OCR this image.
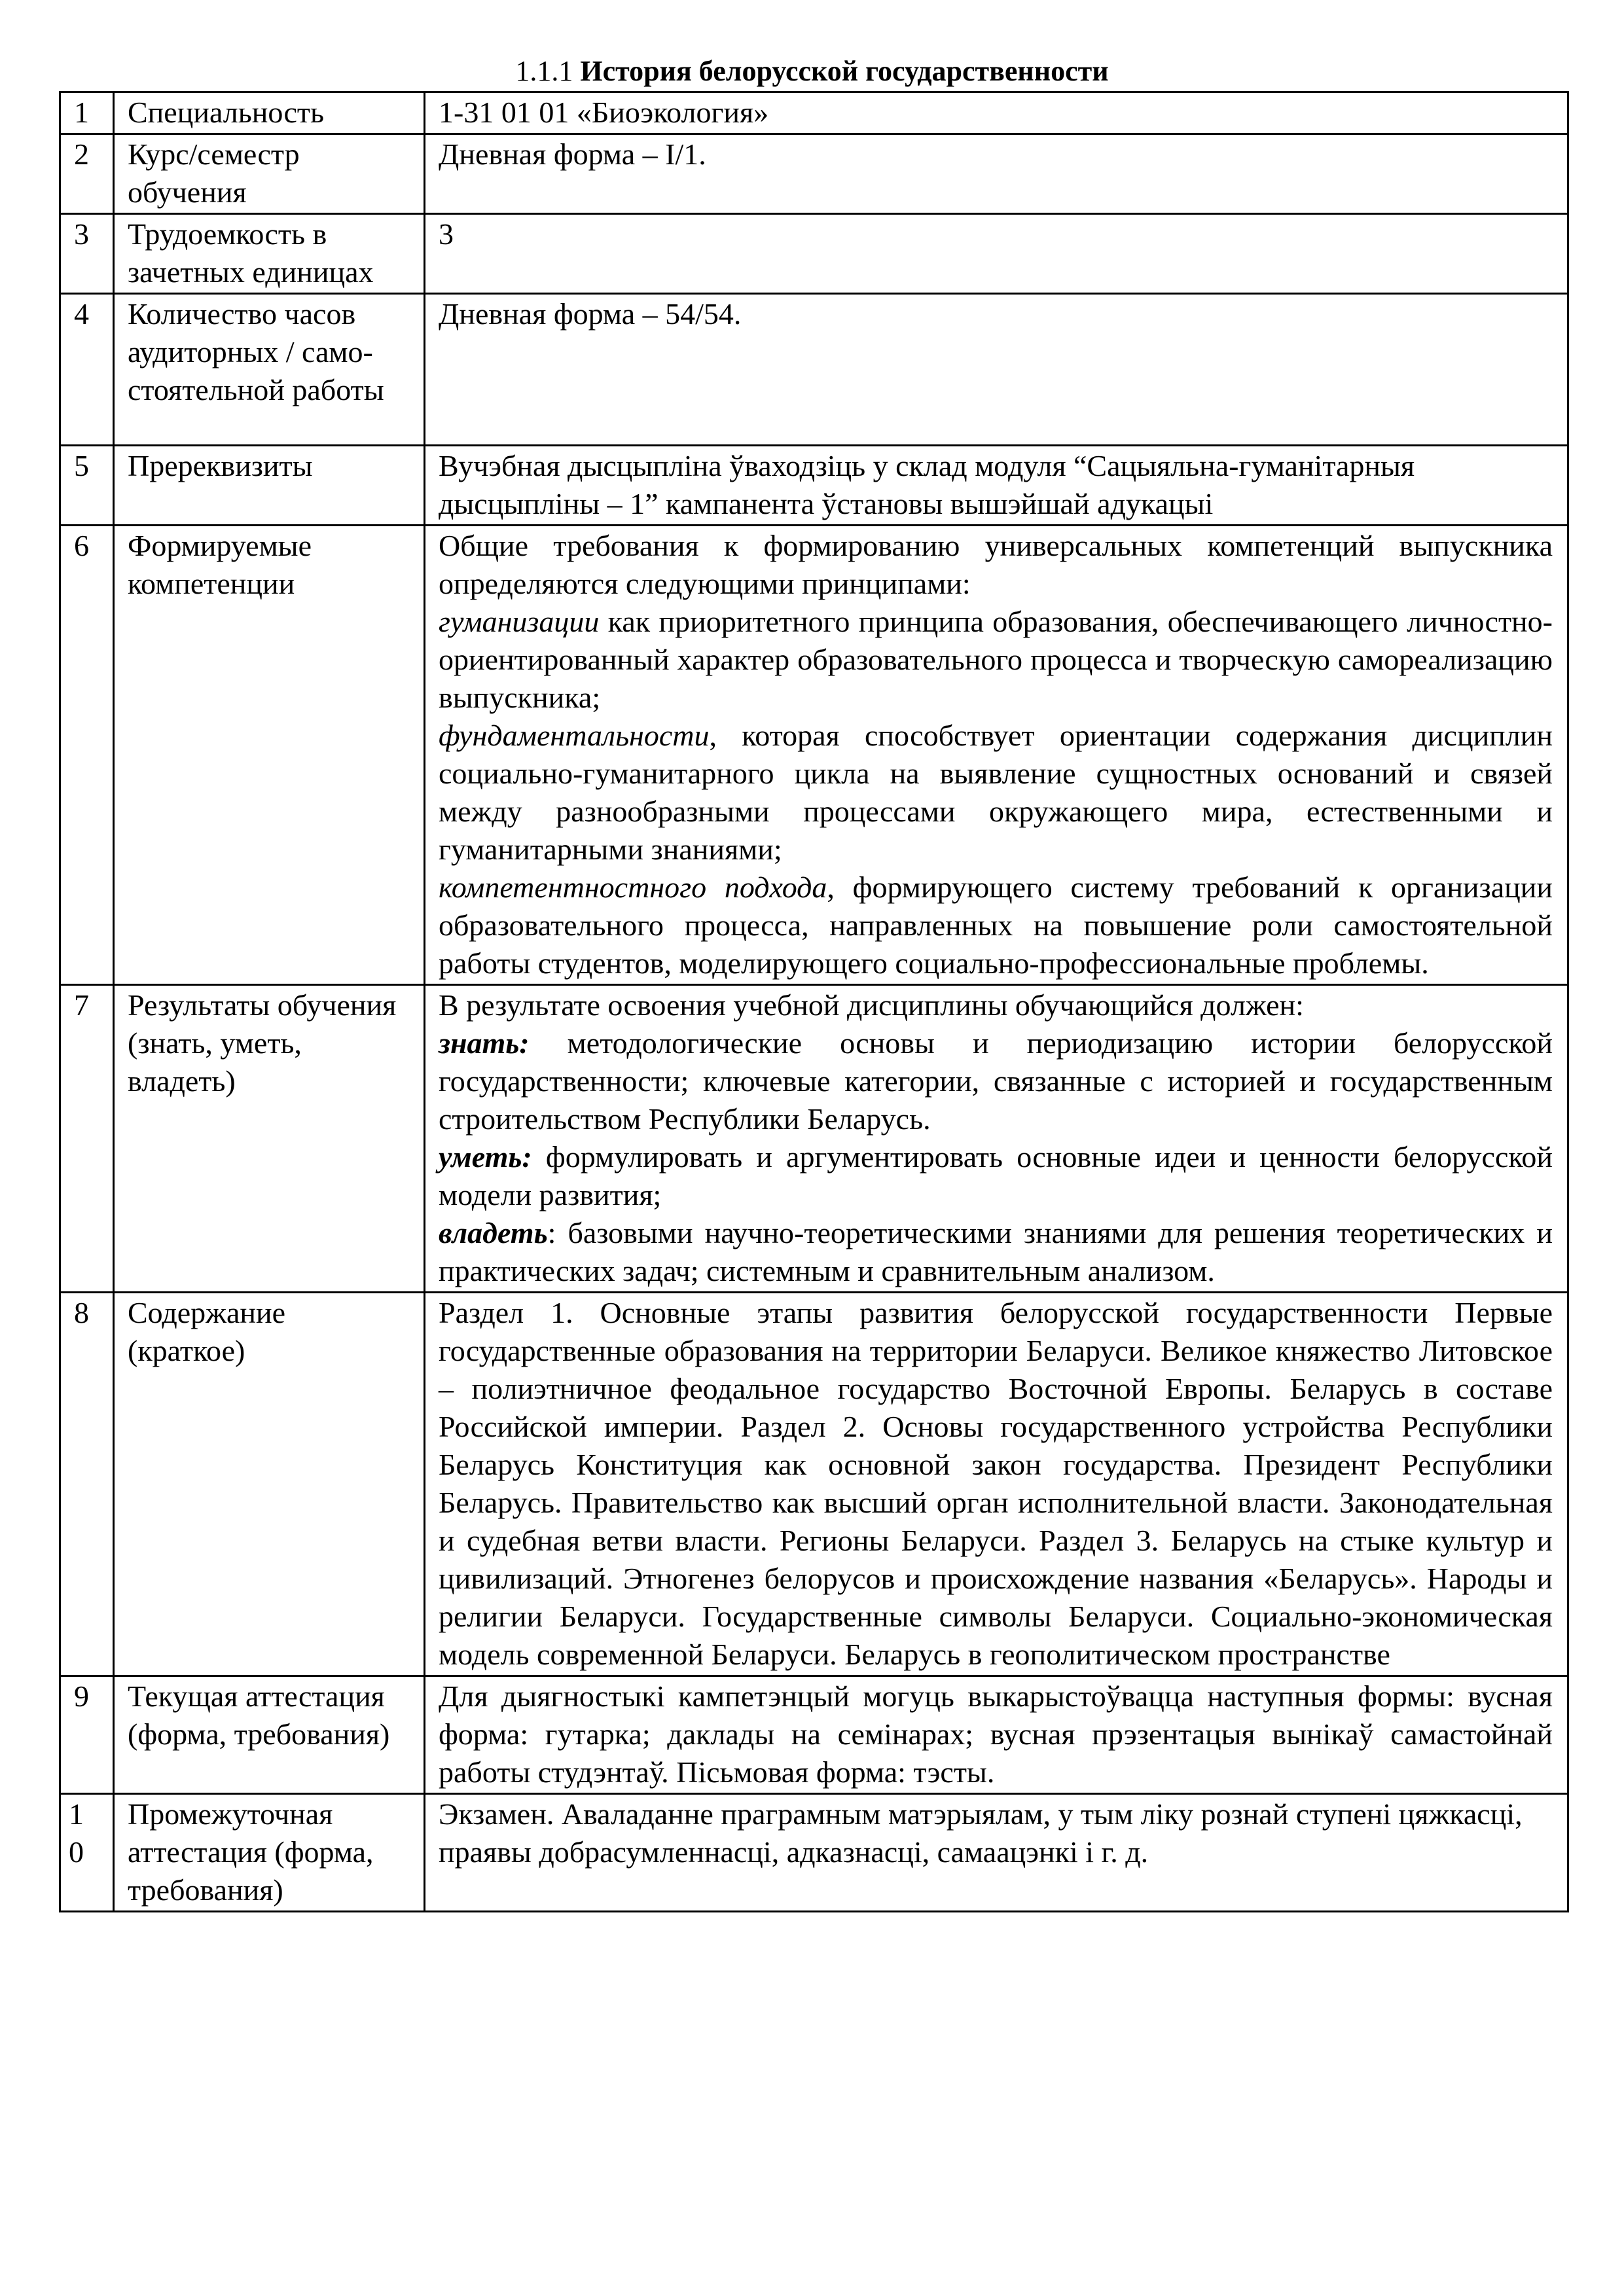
1.1.1 История белорусской государственности
1	Специальность	1-31 01 01 «Биоэкология»
2	Курс/семестр обучения	Дневная форма – I/1.
3	Трудоемкость в зачетных единицах	3
4	Количество часов аудиторных / само-стоятельной работы	Дневная форма – 54/54.
5	Пререквизиты	Вучэбная дысцыпліна ўваходзіць у склад модуля “Сацыяльна-гуманітарныя дысцыпліны – 1” кампанента ўстановы вышэйшай адукацыі
6	Формируемые компетенции	Общие требования к формированию универсальных компетенций выпускника определяются следующими принципами:
гуманизации как приоритетного принципа образования, обеспечивающего личностно-ориентированный характер образовательного процесса и творческую самореализацию выпускника;
фундаментальности, которая способствует ориентации содержания дисциплин социально-гуманитарного цикла на выявление сущностных оснований и связей между разнообразными процессами окружающего мира, естественными и гуманитарными знаниями;
компетентностного подхода, формирующего систему требований к организации образовательного процесса, направленных на повышение роли самостоятельной работы студентов, моделирующего социально-профессиональные проблемы.

7	Результаты обучения (знать, уметь, владеть)	В результате освоения учебной дисциплины обучающийся должен:
знать: методологические основы и периодизацию истории белорусской государственности; ключевые категории, связанные с историей и государственным строительством Республики Беларусь.
уметь: формулировать и аргументировать основные идеи и ценности белорусской модели развития;
владеть: базовыми научно-теоретическими знаниями для решения теоретических и практических задач; системным и сравнительным анализом.

8	Содержание (краткое)	Раздел 1. Основные этапы развития белорусской государственности Первые государственные образования на территории Беларуси. Великое княжество Литовское – полиэтничное феодальное государство Восточной Европы. Беларусь в составе Российской империи. Раздел 2. Основы государственного устройства Республики Беларусь Конституция как основной закон государства. Президент Республики Беларусь. Правительство как высший орган исполнительной власти. Законодательная и судебная ветви власти. Регионы Беларуси. Раздел 3. Беларусь на стыке культур и цивилизаций. Этногенез белорусов и происхождение названия «Беларусь». Народы и религии Беларуси. Государственные символы Беларуси. Социально-экономическая модель современной Беларуси. Беларусь в геополитическом пространстве
9	Текущая аттестация (форма, требования)	Для дыягностыкі кампетэнцый могуць выкарыстоўвацца наступныя формы: вусная форма: гутарка; даклады на семінарах; вусная прэзентацыя вынікаў самастойнай работы студэнтаў. Пісьмовая форма: тэсты.
10	Промежуточная аттестация (форма, требования)	Экзамен. Аваладанне праграмным матэрыялам, у тым ліку рознай ступені цяжкасці, праявы добрасумленнасці, адказнасці, самаацэнкі і г. д.
